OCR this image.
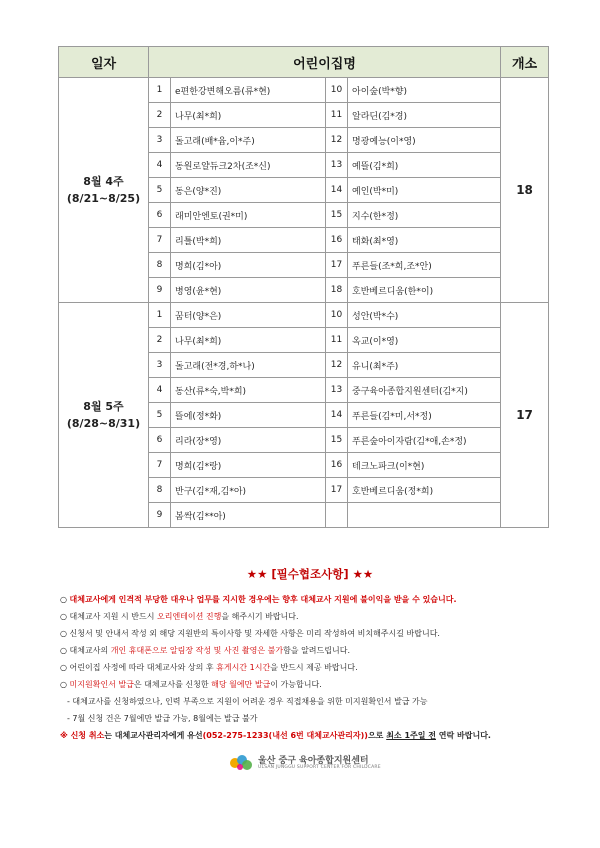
일자	어린이집명				개소

8월 4주
(8/21~8/25)	1	e편한강변해오름(류*현)	10	아이숲(박*향)	18
	2	나무(최*희)	11	알라딘(김*경)	
	3	돌고래(배*윰,이*주)	12	명광예능(이*영)	
	4	동원로얄듀크2차(조*신)	13	예뜰(김*희)	
	5	동은(양*진)	14	예인(박*미)	
	6	래미안엔토(권*미)	15	지수(한*정)	
	7	리틀(박*희)	16	태화(최*영)	
	8	명희(김*아)	17	푸른들(조*희,조*안)	
	9	병영(윤*현)	18	호반베르디움(한*이)	

8월 5주
(8/28~8/31)	1	꿈터(양*은)	10	성안(박*수)	17
	2	나무(최*희)	11	옥교(이*영)	
	3	돌고래(전*경,하*나)	12	유니(최*주)	
	4	동산(류*숙,박*희)	13	중구육아종합지원센터(김*지)	
	5	뜰에(정*화)	14	푸른들(김*미,서*정)	
	6	리라(장*영)	15	푸른숲아이자람(김*애,손*정)	
	7	명희(김*랑)	16	테크노파크(이*현)	
	8	반구(김*재,김*아)	17	호반베르디움(정*희)	
	9	봄싹(김**아)			
★★ [필수협조사항] ★★
○ 대체교사에게 인격적 부당한 대우나 업무를 지시한 경우에는 향후 대체교사 지원에 불이익을 받을 수 있습니다.
○ 대체교사 지원 시 반드시 오리엔테이션 진행을 해주시기 바랍니다.
○ 신청서 및 안내서 작성 외 해당 지원반의 특이사항 및 자세한 사항은 미리 작성하여 비치해주시길 바랍니다.
○ 대체교사의 개인 휴대폰으로 알림장 작성 및 사진 촬영은 불가함을 알려드립니다.
○ 어린이집 사정에 따라 대체교사와 상의 후 휴게시간 1시간을 반드시 제공 바랍니다.
○ 미지원확인서 발급은 대체교사를 신청한 해당 월에만 발급이 가능합니다.
- 대체교사를 신청하였으나, 인력 부족으로 지원이 어려운 경우 직접채용을 위한 미지원확인서 발급 가능
- 7월 신청 건은 7월에만 발급 가능, 8월에는 발급 불가
※ 신청 취소는 대체교사관리자에게 유선(052-275-1233(내선 6번 대체교사관리자))으로 최소 1주일 전 연락 바랍니다.
울산 중구 육아종합지원센터
ULSAN JUNGGU SUPPORT CENTER FOR CHILDCARE
